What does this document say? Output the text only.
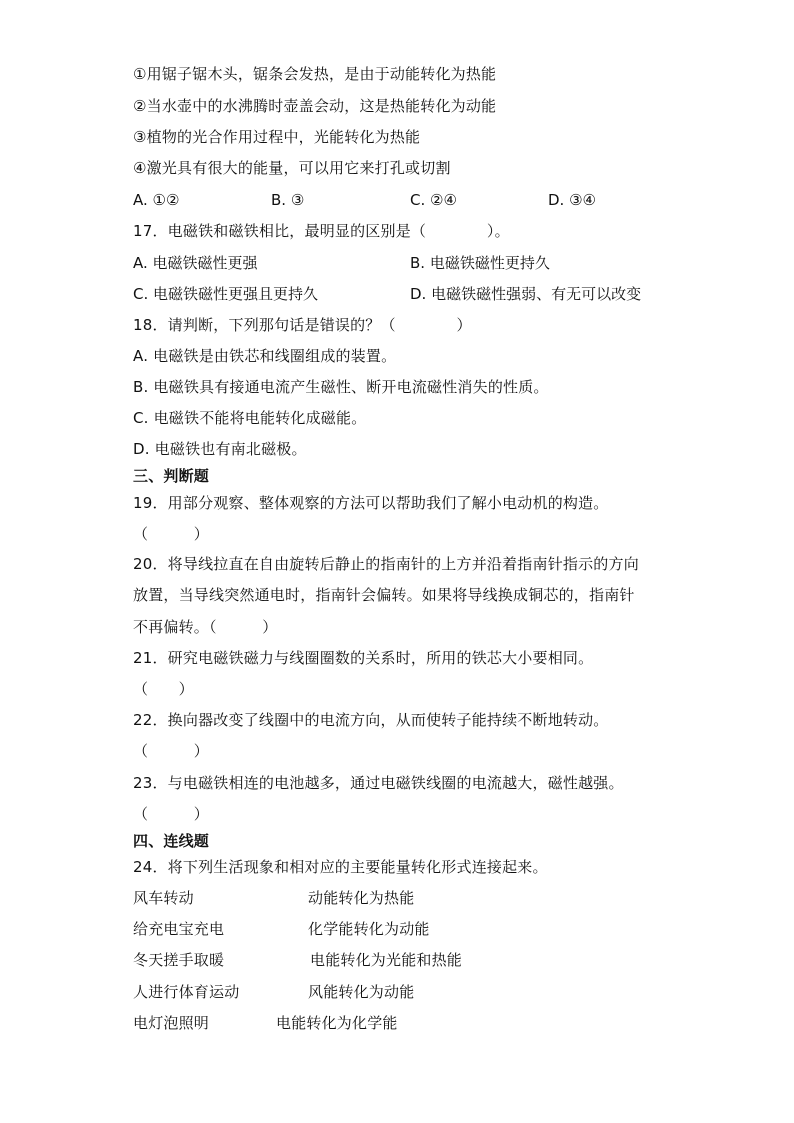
①用锯子锯木头，锯条会发热，是由于动能转化为热能
②当水壶中的水沸腾时壶盖会动，这是热能转化为动能
③植物的光合作用过程中，光能转化为热能
④激光具有很大的能量，可以用它来打孔或切割
A. ①②	B. ③	C. ②④	D. ③④
17．电磁铁和磁铁相比，最明显的区别是（　　　　）。
A. 电磁铁磁性更强	B. 电磁铁磁性更持久
C. 电磁铁磁性更强且更持久	D. 电磁铁磁性强弱、有无可以改变
18．请判断，下列那句话是错误的？（　　　　）
A. 电磁铁是由铁芯和线圈组成的装置。
B. 电磁铁具有接通电流产生磁性、断开电流磁性消失的性质。
C. 电磁铁不能将电能转化成磁能。
D. 电磁铁也有南北磁极。
三、判断题
19．用部分观察、整体观察的方法可以帮助我们了解小电动机的构造。
（　　　）
20．将导线拉直在自由旋转后静止的指南针的上方并沿着指南针指示的方向
放置，当导线突然通电时，指南针会偏转。如果将导线换成铜芯的，指南针
不再偏转。（　　　）
21．研究电磁铁磁力与线圈圈数的关系时，所用的铁芯大小要相同。
（　　）
22．换向器改变了线圈中的电流方向，从而使转子能持续不断地转动。
（　　　）
23．与电磁铁相连的电池越多，通过电磁铁线圈的电流越大，磁性越强。
（　　　）
四、连线题
24．将下列生活现象和相对应的主要能量转化形式连接起来。
风车转动	动能转化为热能
给充电宝充电	化学能转化为动能
冬天搓手取暖	电能转化为光能和热能
人进行体育运动	风能转化为动能
电灯泡照明	电能转化为化学能
